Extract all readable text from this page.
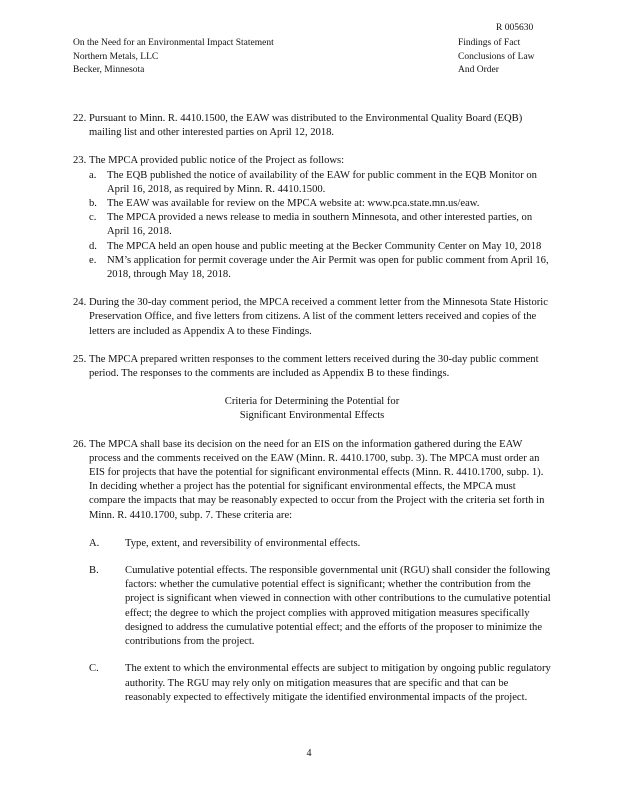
R 005630
On the Need for an Environmental Impact Statement
Northern Metals, LLC
Becker, Minnesota
Findings of Fact
Conclusions of Law
And Order
22. Pursuant to Minn. R. 4410.1500, the EAW was distributed to the Environmental Quality Board (EQB) mailing list and other interested parties on April 12, 2018.
23. The MPCA provided public notice of the Project as follows:
a. The EQB published the notice of availability of the EAW for public comment in the EQB Monitor on April 16, 2018, as required by Minn. R. 4410.1500.
b. The EAW was available for review on the MPCA website at: www.pca.state.mn.us/eaw.
c. The MPCA provided a news release to media in southern Minnesota, and other interested parties, on April 16, 2018.
d. The MPCA held an open house and public meeting at the Becker Community Center on May 10, 2018
e. NM’s application for permit coverage under the Air Permit was open for public comment from April 16, 2018, through May 18, 2018.
24. During the 30-day comment period, the MPCA received a comment letter from the Minnesota State Historic Preservation Office, and five letters from citizens. A list of the comment letters received and copies of the letters are included as Appendix A to these Findings.
25. The MPCA prepared written responses to the comment letters received during the 30-day public comment period. The responses to the comments are included as Appendix B to these findings.
Criteria for Determining the Potential for
Significant Environmental Effects
26. The MPCA shall base its decision on the need for an EIS on the information gathered during the EAW process and the comments received on the EAW (Minn. R. 4410.1700, subp. 3). The MPCA must order an EIS for projects that have the potential for significant environmental effects (Minn. R. 4410.1700, subp. 1). In deciding whether a project has the potential for significant environmental effects, the MPCA must compare the impacts that may be reasonably expected to occur from the Project with the criteria set forth in Minn. R. 4410.1700, subp. 7. These criteria are:
A. Type, extent, and reversibility of environmental effects.
B. Cumulative potential effects. The responsible governmental unit (RGU) shall consider the following factors: whether the cumulative potential effect is significant; whether the contribution from the project is significant when viewed in connection with other contributions to the cumulative potential effect; the degree to which the project complies with approved mitigation measures specifically designed to address the cumulative potential effect; and the efforts of the proposer to minimize the contributions from the project.
C. The extent to which the environmental effects are subject to mitigation by ongoing public regulatory authority. The RGU may rely only on mitigation measures that are specific and that can be reasonably expected to effectively mitigate the identified environmental impacts of the project.
4
